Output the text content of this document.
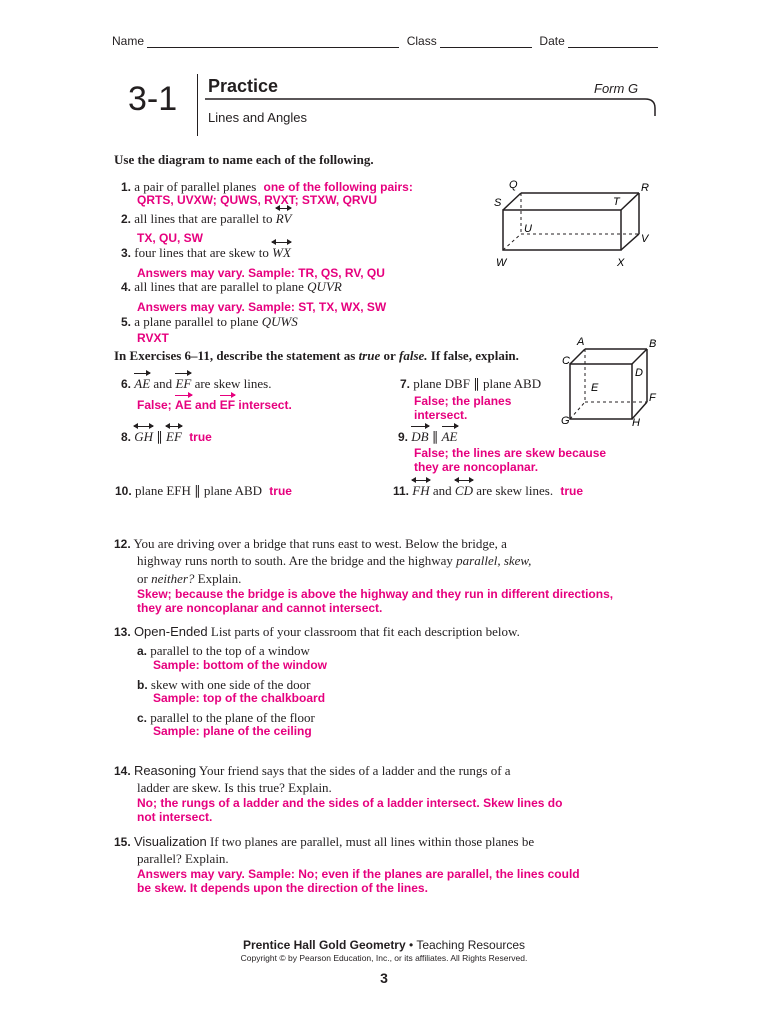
Name	Class	Date
3-1 Practice	Form G
Lines and Angles
Use the diagram to name each of the following.
1. a pair of parallel planes one of the following pairs:
QRTS, UVXW; QUWS, RVXT; STXW, QRVU
2. all lines that are parallel to RV
TX, QU, SW
3. four lines that are skew to WX
Answers may vary. Sample: TR, QS, RV, QU
4. all lines that are parallel to plane QUVR
Answers may vary. Sample: ST, TX, WX, SW
5. a plane parallel to plane QUWS
RVXT
Q	R
S	T
U
V
W	X
In Exercises 6–11, describe the statement as true or false. If false, explain.
6. AE and EF are skew lines.
False; AE and EF intersect.
7. plane DBF ∥ plane ABD
False; the planes
intersect.
8. GH ∥ EF true	9. DB ∥ AE
False; the lines are skew because
they are noncoplanar.
10. plane EFH ∥ plane ABD true	11. FH and CD are skew lines. true
A	B
C
D
E
F
G	H
12. You are driving over a bridge that runs east to west. Below the bridge, a
highway runs north to south. Are the bridge and the highway parallel, skew,
or neither? Explain.
Skew; because the bridge is above the highway and they run in different directions,
they are noncoplanar and cannot intersect.
13. Open-Ended List parts of your classroom that fit each description below.
a. parallel to the top of a window
Sample: bottom of the window
b. skew with one side of the door
Sample: top of the chalkboard
c. parallel to the plane of the floor
Sample: plane of the ceiling
14. Reasoning Your friend says that the sides of a ladder and the rungs of a
ladder are skew. Is this true? Explain.
No; the rungs of a ladder and the sides of a ladder intersect. Skew lines do
not intersect.
15. Visualization If two planes are parallel, must all lines within those planes be
parallel? Explain.
Answers may vary. Sample: No; even if the planes are parallel, the lines could
be skew. It depends upon the direction of the lines.
Prentice Hall Gold Geometry • Teaching Resources
Copyright © by Pearson Education, Inc., or its affiliates. All Rights Reserved.
3
